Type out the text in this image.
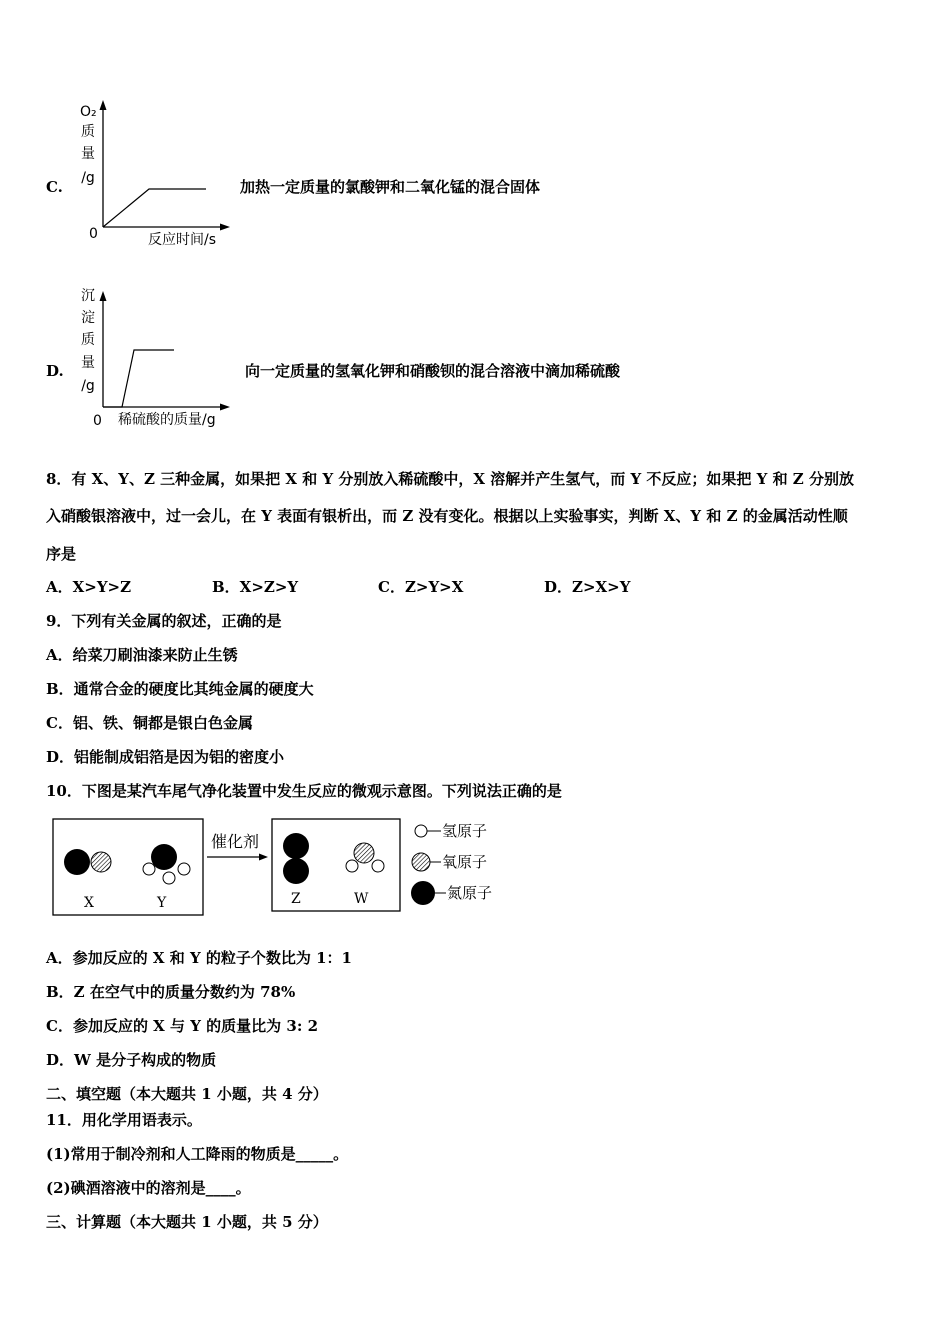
C.
O₂
质
量
/g
0	反应时间/s
加热一定质量的氯酸钾和二氧化锰的混合固体
D.
沉
淀
质
量
/g
0 稀硫酸的质量/g
向一定质量的氢氧化钾和硝酸钡的混合溶液中滴加稀硫酸
8．有 X、Y、Z 三种金属，如果把 X 和 Y 分别放入稀硫酸中，X 溶解并产生氢气，而 Y 不反应；如果把 Y 和 Z 分别放
入硝酸银溶液中，过一会儿，在 Y 表面有银析出，而 Z 没有变化。根据以上实验事实，判断 X、Y 和 Z 的金属活动性顺
序是
A．X>Y>Z	B．X>Z>Y	C．Z>Y>X	D．Z>X>Y
9．下列有关金属的叙述，正确的是
A．给菜刀刷油漆来防止生锈
B．通常合金的硬度比其纯金属的硬度大
C．铝、铁、铜都是银白色金属
D．铝能制成铝箔是因为铝的密度小
10．下图是某汽车尾气净化装置中发生反应的微观示意图。下列说法正确的是
催化剂
X	Y	Z	W
氢原子
氧原子
氮原子
A．参加反应的 X 和 Y 的粒子个数比为 1：1
B．Z 在空气中的质量分数约为 78%
C．参加反应的 X 与 Y 的质量比为 3: 2
D．W 是分子构成的物质
二、填空题（本大题共 1 小题，共 4 分）
11．用化学用语表示。
(1)常用于制冷剂和人工降雨的物质是_____。
(2)碘酒溶液中的溶剂是____。
三、计算题（本大题共 1 小题，共 5 分）
